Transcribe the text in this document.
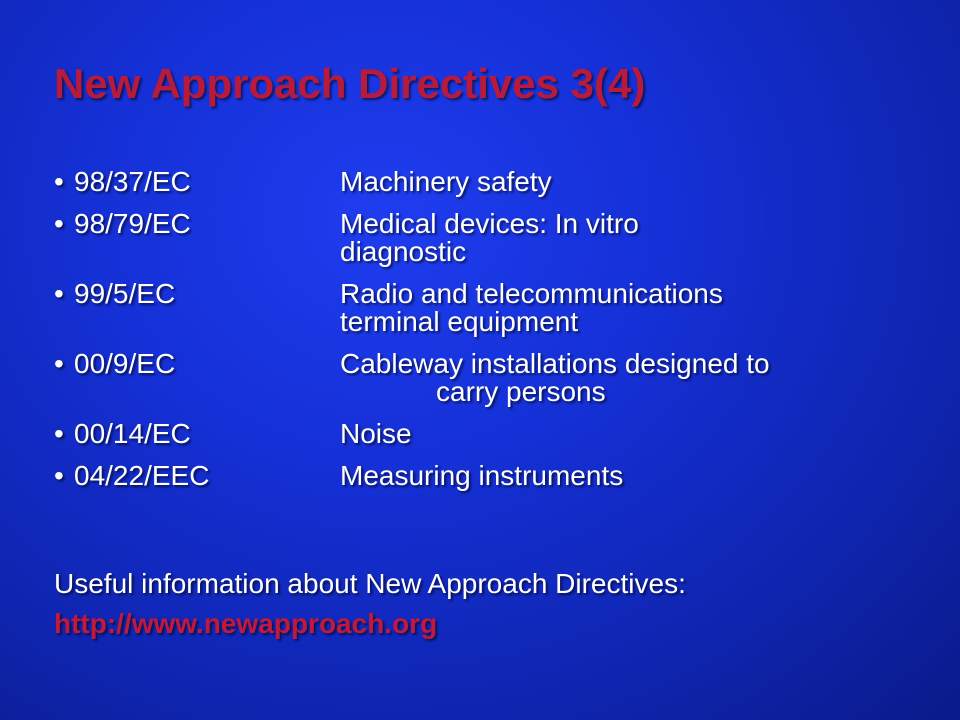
New Approach Directives 3(4)
• 98/37/EC	Machinery safety
• 98/79/EC	Medical devices: In vitro
diagnostic
• 99/5/EC	Radio and telecommunications
terminal equipment
• 00/9/EC	Cableway installations designed to
carry persons
• 00/14/EC	Noise
• 04/22/EEC	Measuring instruments

Useful information about New Approach Directives:

http://www.newapproach.org
